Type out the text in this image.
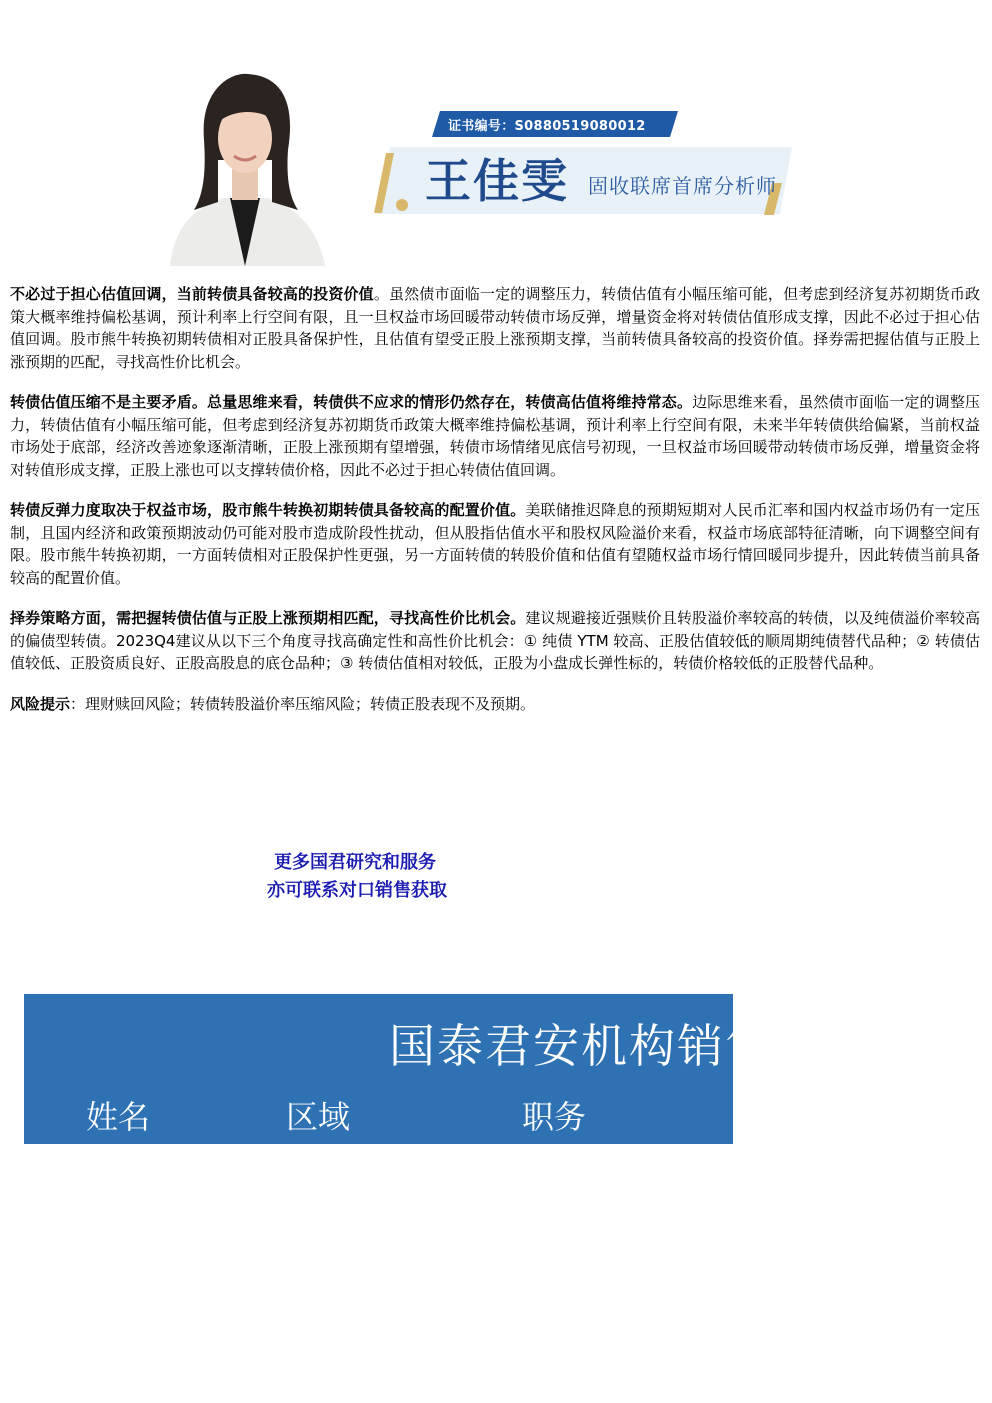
证书编号：S0880519080012
王佳雯 固收联席首席分析师

不必过于担心估值回调，当前转债具备较高的投资价值。虽然债市面临一定的调整压力，转债估值有小幅压缩可能，但考虑到经济复苏初期货币政策大概率维持偏松基调，预计利率上行空间有限，且一旦权益市场回暖带动转债市场反弹，增量资金将对转债估值形成支撑，因此不必过于担心估值回调。股市熊牛转换初期转债相对正股具备保护性，且估值有望受正股上涨预期支撑，当前转债具备较高的投资价值。择券需把握估值与正股上涨预期的匹配，寻找高性价比机会。

转债估值压缩不是主要矛盾。总量思维来看，转债供不应求的情形仍然存在，转债高估值将维持常态。边际思维来看，虽然债市面临一定的调整压力，转债估值有小幅压缩可能，但考虑到经济复苏初期货币政策大概率维持偏松基调，预计利率上行空间有限，未来半年转债供给偏紧，当前权益市场处于底部，经济改善迹象逐渐清晰，正股上涨预期有望增强，转债市场情绪见底信号初现，一旦权益市场回暖带动转债市场反弹，增量资金将对转值形成支撑，正股上涨也可以支撑转债价格，因此不必过于担心转债估值回调。

转债反弹力度取决于权益市场，股市熊牛转换初期转债具备较高的配置价值。美联储推迟降息的预期短期对人民币汇率和国内权益市场仍有一定压制，且国内经济和政策预期波动仍可能对股市造成阶段性扰动，但从股指估值水平和股权风险溢价来看，权益市场底部特征清晰，向下调整空间有限。股市熊牛转换初期，一方面转债相对正股保护性更强，另一方面转债的转股价值和估值有望随权益市场行情回暖同步提升，因此转债当前具备较高的配置价值。

择券策略方面，需把握转债估值与正股上涨预期相匹配，寻找高性价比机会。建议规避接近强赎价且转股溢价率较高的转债，以及纯债溢价率较高的偏债型转债。2023Q4建议从以下三个角度寻找高确定性和高性价比机会：① 纯债 YTM 较高、正股估值较低的顺周期纯债替代品种；② 转债估值较低、正股资质良好、正股高股息的底仓品种；③ 转债估值相对较低，正股为小盘成长弹性标的，转债价格较低的正股替代品种。

风险提示：理财赎回风险；转债转股溢价率压缩风险；转债正股表现不及预期。

更多国君研究和服务
亦可联系对口销售获取
国泰君安机构销售服务团队
姓名	区域	职务
